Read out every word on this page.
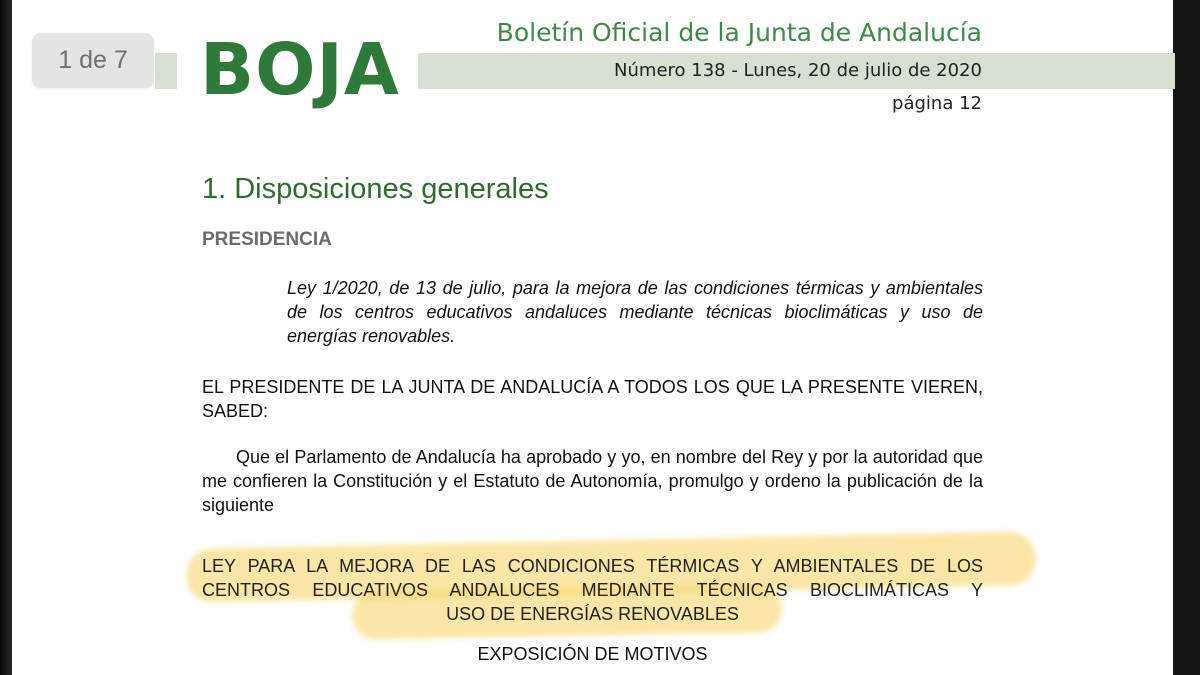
1 de 7	BOJA	Boletín Oficial de la Junta de Andalucía
Número 138 - Lunes, 20 de julio de 2020
página 12
1. Disposiciones generales
PRESIDENCIA
Ley 1/2020, de 13 de julio, para la mejora de las condiciones térmicas y ambientales de los centros educativos andaluces mediante técnicas bioclimáticas y uso de energías renovables.
EL PRESIDENTE DE LA JUNTA DE ANDALUCÍA A TODOS LOS QUE LA PRESENTE VIEREN, SABED:
Que el Parlamento de Andalucía ha aprobado y yo, en nombre del Rey y por la autoridad que me confieren la Constitución y el Estatuto de Autonomía, promulgo y ordeno la publicación de la siguiente
LEY PARA LA MEJORA DE LAS CONDICIONES TÉRMICAS Y AMBIENTALES DE LOS
CENTROS EDUCATIVOS ANDALUCES MEDIANTE TÉCNICAS BIOCLIMÁTICAS Y
USO DE ENERGÍAS RENOVABLES
EXPOSICIÓN DE MOTIVOS
